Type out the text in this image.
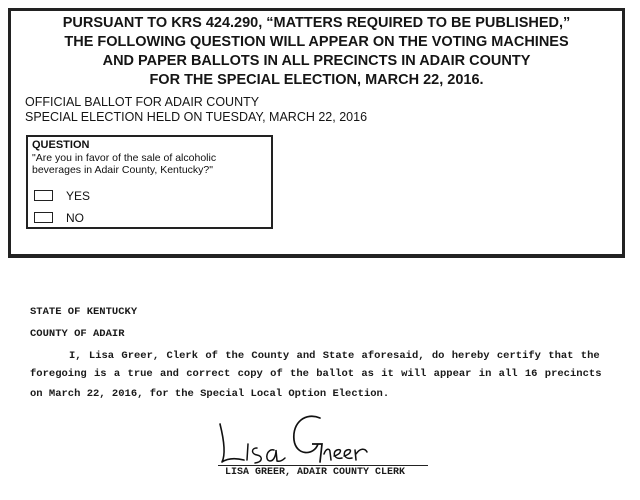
PURSUANT TO KRS 424.290, “MATTERS REQUIRED TO BE PUBLISHED,”
THE FOLLOWING QUESTION WILL APPEAR ON THE VOTING MACHINES
AND PAPER BALLOTS IN ALL PRECINCTS IN ADAIR COUNTY
FOR THE SPECIAL ELECTION, MARCH 22, 2016.
OFFICIAL BALLOT FOR ADAIR COUNTY
SPECIAL ELECTION HELD ON TUESDAY, MARCH 22, 2016
QUESTION
"Are you in favor of the sale of alcoholic
beverages in Adair County, Kentucky?"
YES
NO
STATE OF KENTUCKY
COUNTY OF ADAIR
I, Lisa Greer, Clerk of the County and State aforesaid, do hereby certify that the
foregoing is a true and correct copy of the ballot as it will appear in all 16 precincts
on March 22, 2016, for the Special Local Option Election.
LISA GREER, ADAIR COUNTY CLERK
